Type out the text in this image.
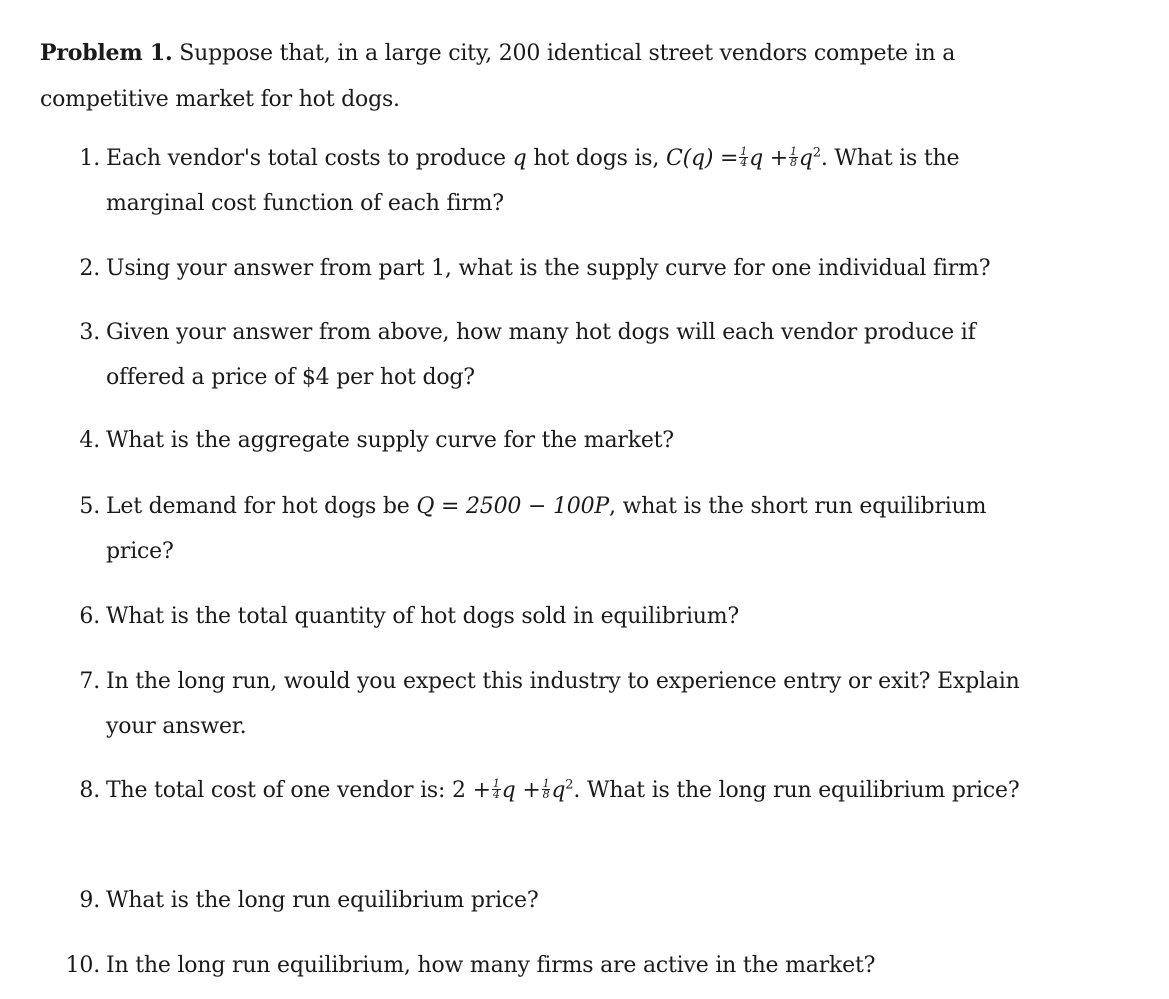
Problem 1. Suppose that, in a large city, 200 identical street vendors compete in a competitive market for hot dogs.
1. Each vendor's total costs to produce q hot dogs is, $C(q) = \frac{1}{4}$ $q + \frac{1}{8} q^2$. What is the marginal cost function of each firm?
2. Using your answer from part 1, what is the supply curve for one individual firm?
3. Given your answer from above, how many hot dogs will each vendor produce if offered a price of $4 per hot dog?
4. What is the aggregate supply curve for the market?
5. Let demand for hot dogs be Q = 2500 − 100P, what is the short run equilibrium price?
6. What is the total quantity of hot dogs sold in equilibrium?
7. In the long run, would you expect this industry to experience entry or exit? Explain your answer.
8. The total cost of one vendor is: $2 + \frac{1}{4}$ $q + \frac{1}{8} q^2$. What is the long run equilibrium price?
9. What is the long run equilibrium price?
10. In the long run equilibrium, how many firms are active in the market?
